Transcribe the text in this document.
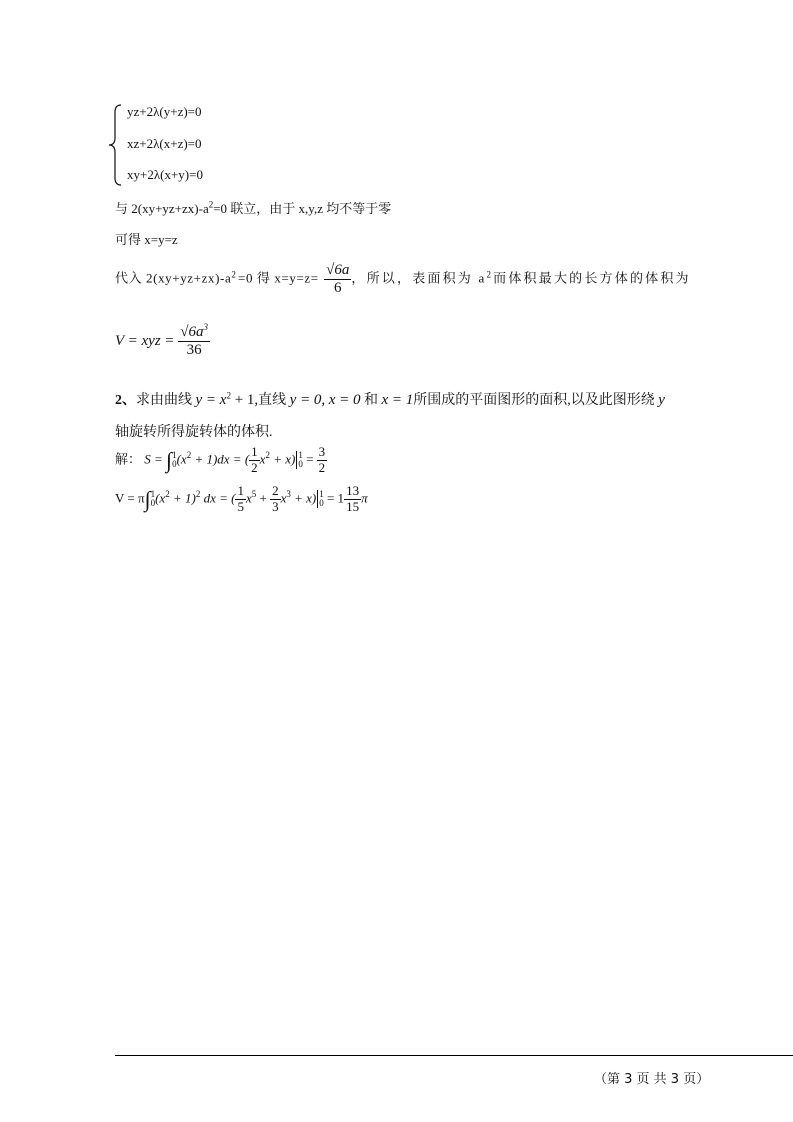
yz+2λ(y+z)=0
xz+2λ(x+z)=0
xy+2λ(x+y)=0
与 $2(xy+yz+zx)-a^2=0$ 联立，由于 x,y,z 均不等于零
可得 x=y=z
代入 $2(xy+yz+zx)-a^2=0$ 得 $x=y=z= \frac{√6a}{6}$ ，所以，表面积为 $a^2$而体积最大的长方体的体积为
V = xyz = $\frac{√6a^3}{36}$
2、求由曲线 $y = x^2 + 1$,直线 y = 0, x = 0 和 x = 1所围成的平面图形的面积,以及此图形绕 y
轴旋转所得旋转体的体积.
解： S = ∫ 1
0 $(x^2 + 1)dx$ = ( $\frac{1}{2} x^2 + x$) 1
$0 = \frac{3}{2}$
V = π∫ 1
0 $(x^2 + 1)^2$ dx = ( $\frac{1}{5} x^5 + \frac{2}{3} x^3 + x$) 1
$0 = 1 \frac{13}{15}$ π
（第 3 页 共 3 页）
